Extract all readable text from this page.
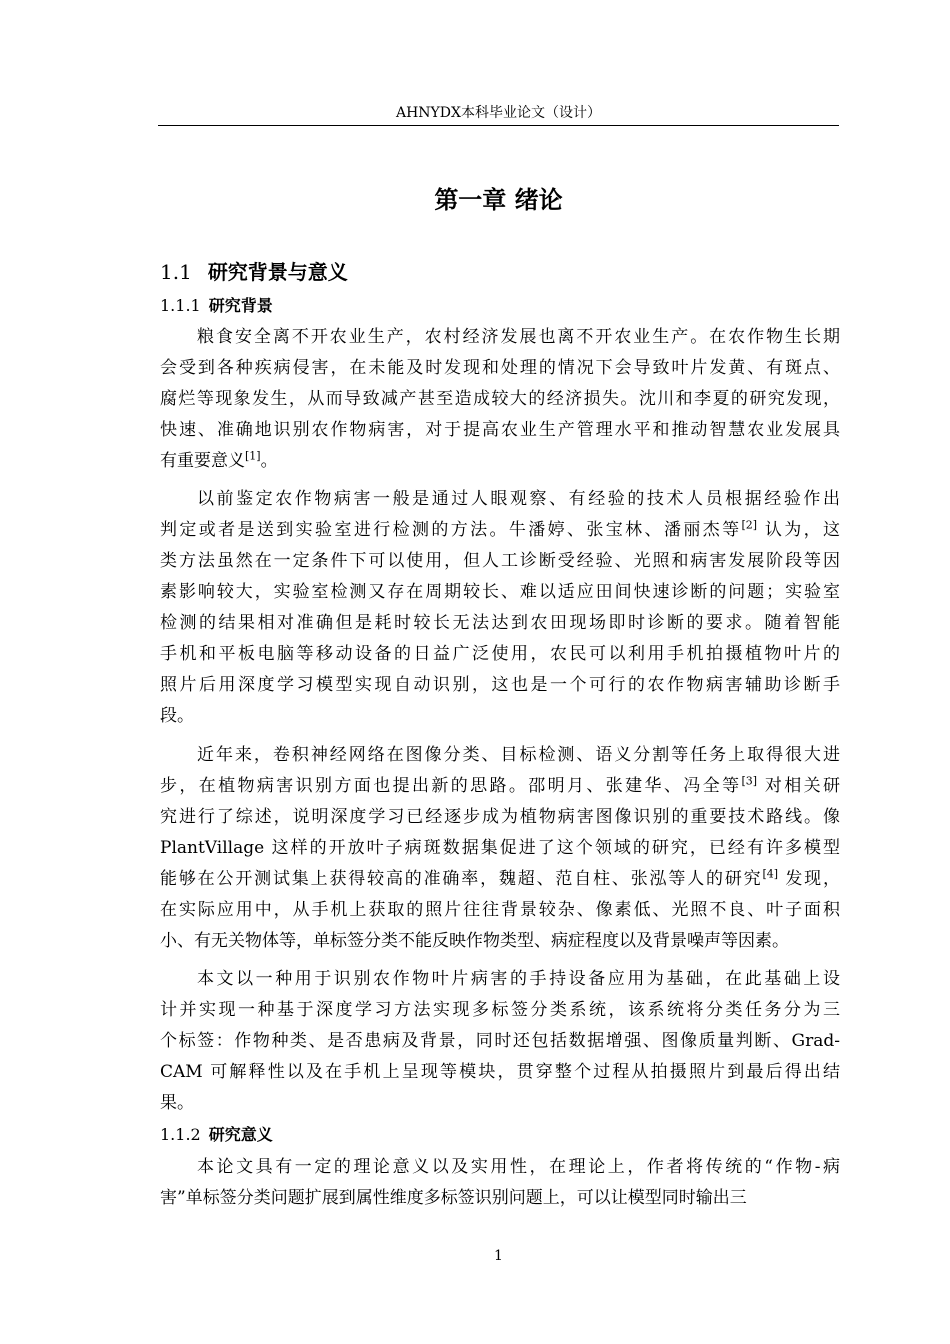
AHNYDX本科毕业论文（设计）
第一章 绪论
1.1 研究背景与意义
1.1.1 研究背景
粮食安全离不开农业生产，农村经济发展也离不开农业生产。在农作物生长期
会受到各种疾病侵害，在未能及时发现和处理的情况下会导致叶片发黄、有斑点、
腐烂等现象发生，从而导致减产甚至造成较大的经济损失。沈川和李夏的研究发现，
快速、准确地识别农作物病害，对于提高农业生产管理水平和推动智慧农业发展具
有重要意义[1]。
以前鉴定农作物病害一般是通过人眼观察、有经验的技术人员根据经验作出
判定或者是送到实验室进行检测的方法。牛潘婷、张宝林、潘丽杰等[2] 认为，这
类方法虽然在一定条件下可以使用，但人工诊断受经验、光照和病害发展阶段等因
素影响较大，实验室检测又存在周期较长、难以适应田间快速诊断的问题；实验室
检测的结果相对准确但是耗时较长无法达到农田现场即时诊断的要求。随着智能
手机和平板电脑等移动设备的日益广泛使用，农民可以利用手机拍摄植物叶片的
照片后用深度学习模型实现自动识别，这也是一个可行的农作物病害辅助诊断手
段。
近年来，卷积神经网络在图像分类、目标检测、语义分割等任务上取得很大进
步，在植物病害识别方面也提出新的思路。邵明月、张建华、冯全等[3] 对相关研
究进行了综述，说明深度学习已经逐步成为植物病害图像识别的重要技术路线。像
PlantVillage 这样的开放叶子病斑数据集促进了这个领域的研究，已经有许多模型
能够在公开测试集上获得较高的准确率，魏超、范自柱、张泓等人的研究[4] 发现，
在实际应用中，从手机上获取的照片往往背景较杂、像素低、光照不良、叶子面积
小、有无关物体等，单标签分类不能反映作物类型、病症程度以及背景噪声等因素。
本文以一种用于识别农作物叶片病害的手持设备应用为基础，在此基础上设
计并实现一种基于深度学习方法实现多标签分类系统，该系统将分类任务分为三
个标签：作物种类、是否患病及背景，同时还包括数据增强、图像质量判断、Grad-
CAM 可解释性以及在手机上呈现等模块，贯穿整个过程从拍摄照片到最后得出结
果。
1.1.2 研究意义
本论文具有一定的理论意义以及实用性，在理论上，作者将传统的“作物-病
害”单标签分类问题扩展到属性维度多标签识别问题上，可以让模型同时输出三
1
